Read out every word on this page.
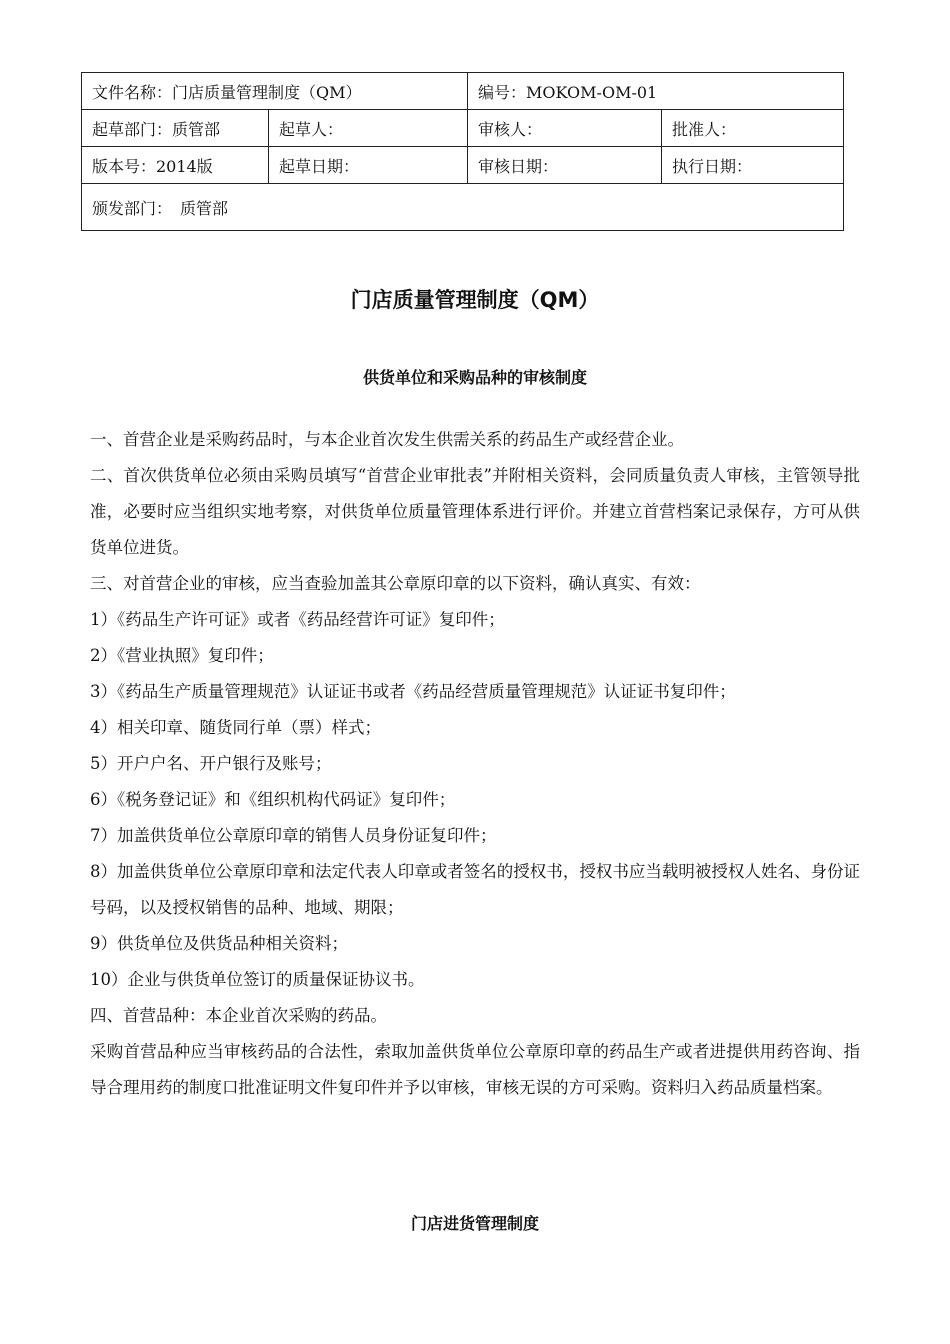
文件名称：门店质量管理制度（QM）		编号：MOKOM-OM-01	
起草部门：质管部	起草人：	审核人：	批准人：
版本号：2014版	起草日期：	审核日期：	执行日期：
颁发部门：　质管部			
门店质量管理制度（QM）
供货单位和采购品种的审核制度

一、首营企业是采购药品时，与本企业首次发生供需关系的药品生产或经营企业。

二、首次供货单位必须由采购员填写“首营企业审批表”并附相关资料，会同质量负责人审核，主管领导批准，必要时应当组织实地考察，对供货单位质量管理体系进行评价。并建立首营档案记录保存，方可从供货单位进货。

三、对首营企业的审核，应当查验加盖其公章原印章的以下资料，确认真实、有效：

1）《药品生产许可证》或者《药品经营许可证》复印件；

2）《营业执照》复印件；

3）《药品生产质量管理规范》认证证书或者《药品经营质量管理规范》认证证书复印件；

4）相关印章、随货同行单（票）样式；

5）开户户名、开户银行及账号；

6）《税务登记证》和《组织机构代码证》复印件；

7）加盖供货单位公章原印章的销售人员身份证复印件；

8）加盖供货单位公章原印章和法定代表人印章或者签名的授权书，授权书应当载明被授权人姓名、身份证号码，以及授权销售的品种、地域、期限；

9）供货单位及供货品种相关资料；

10）企业与供货单位签订的质量保证协议书。

四、首营品种：本企业首次采购的药品。

采购首营品种应当审核药品的合法性，索取加盖供货单位公章原印章的药品生产或者进提供用药咨询、指导合理用药的制度口批准证明文件复印件并予以审核，审核无误的方可采购。资料归入药品质量档案。

门店进货管理制度
